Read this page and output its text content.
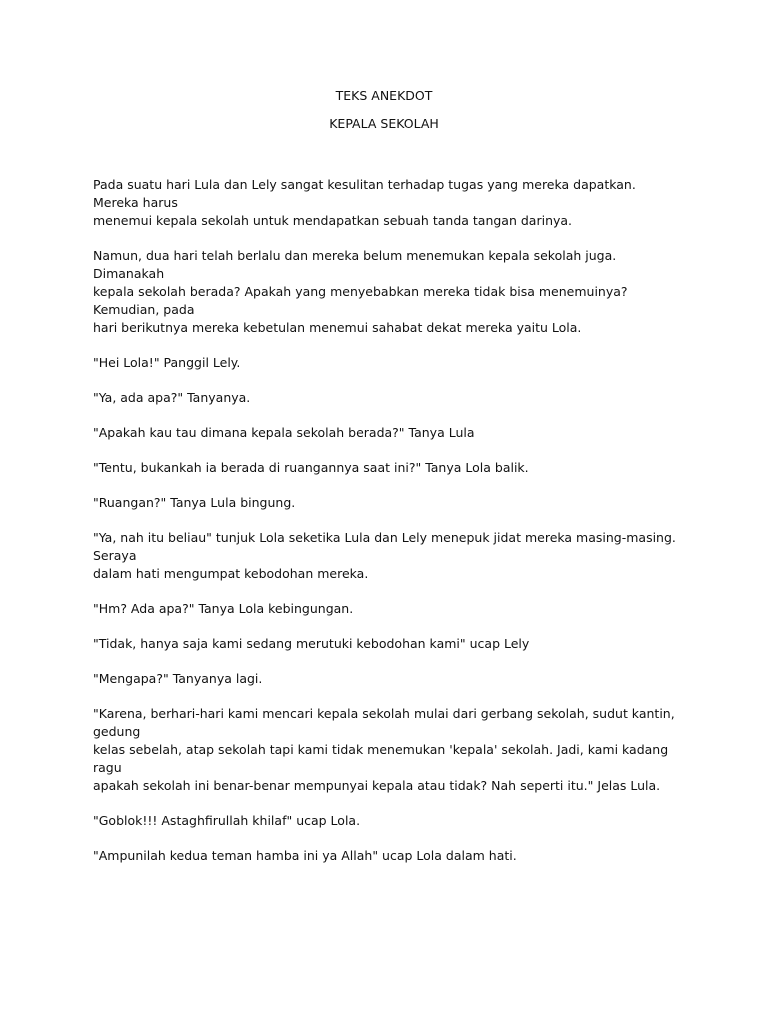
TEKS ANEKDOT
KEPALA SEKOLAH

Pada suatu hari Lula dan Lely sangat kesulitan terhadap tugas yang mereka dapatkan. Mereka harus
menemui kepala sekolah untuk mendapatkan sebuah tanda tangan darinya.

Namun, dua hari telah berlalu dan mereka belum menemukan kepala sekolah juga. Dimanakah
kepala sekolah berada? Apakah yang menyebabkan mereka tidak bisa menemuinya?Kemudian, pada
hari berikutnya mereka kebetulan menemui sahabat dekat mereka yaitu Lola.

"Hei Lola!" Panggil Lely.

"Ya, ada apa?" Tanyanya.

"Apakah kau tau dimana kepala sekolah berada?" Tanya Lula

"Tentu, bukankah ia berada di ruangannya saat ini?" Tanya Lola balik.

"Ruangan?" Tanya Lula bingung.

"Ya, nah itu beliau" tunjuk Lola seketika Lula dan Lely menepuk jidat mereka masing-masing. Seraya
dalam hati mengumpat kebodohan mereka.

"Hm? Ada apa?" Tanya Lola kebingungan.

"Tidak, hanya saja kami sedang merutuki kebodohan kami" ucap Lely

"Mengapa?" Tanyanya lagi.

"Karena, berhari-hari kami mencari kepala sekolah mulai dari gerbang sekolah, sudut kantin, gedung
kelas sebelah, atap sekolah tapi kami tidak menemukan 'kepala' sekolah. Jadi, kami kadang ragu
apakah sekolah ini benar-benar mempunyai kepala atau tidak? Nah seperti itu." Jelas Lula.

"Goblok!!! Astaghfirullah khilaf" ucap Lola.

"Ampunilah kedua teman hamba ini ya Allah" ucap Lola dalam hati.
